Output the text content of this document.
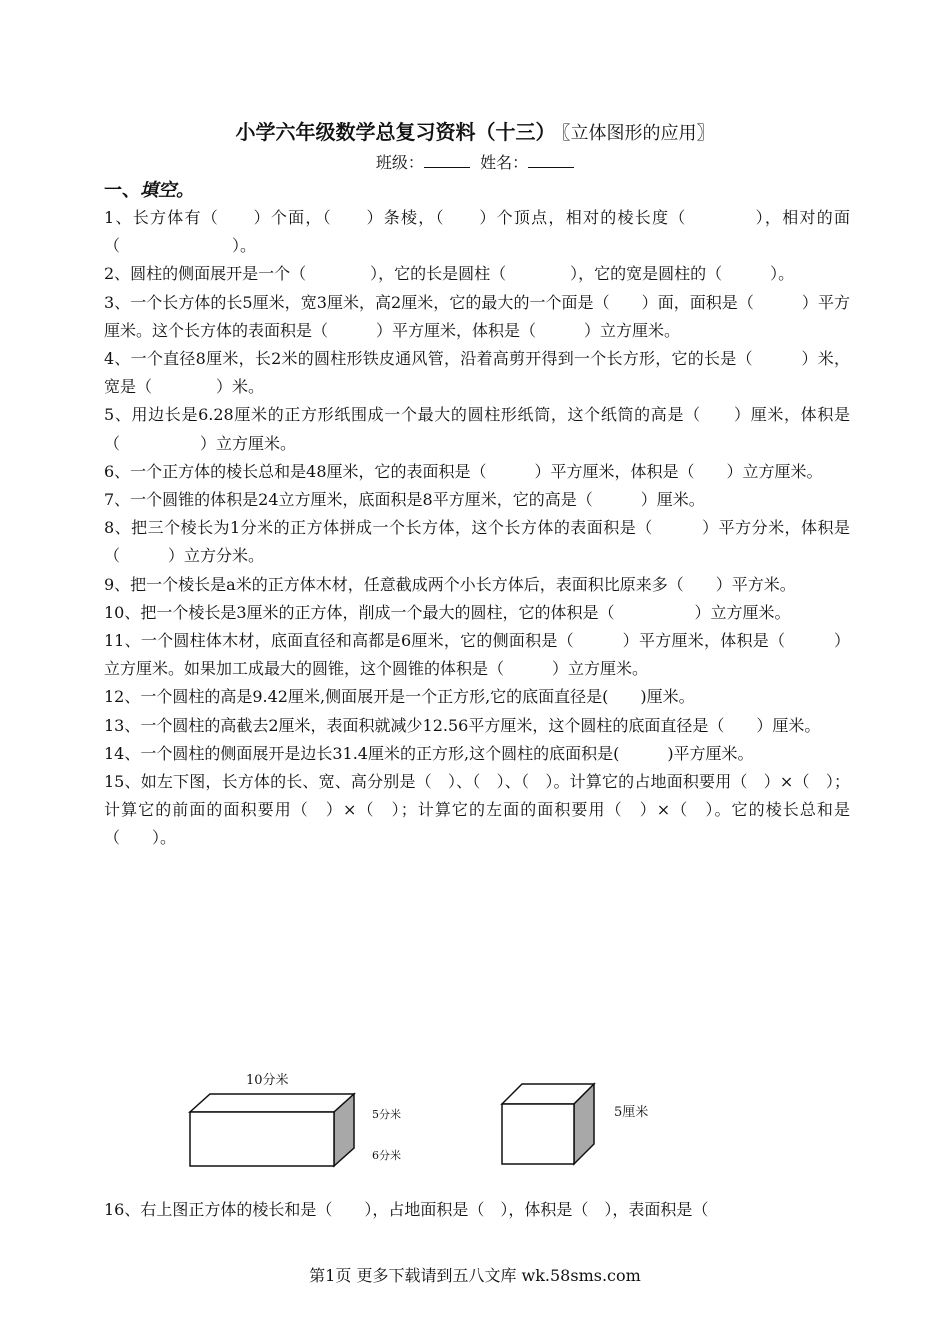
小学六年级数学总复习资料（十三） 〖立体图形的应用〗
班级：	姓名：
一、填空。
1、长方体有（　　）个面，（　　）条棱，（　　）个顶点，相对的棱长度（　　　　），相对的面（　　　　　　　）。
2、圆柱的侧面展开是一个（　　　　），它的长是圆柱（　　　　），它的宽是圆柱的（　　　）。
3、一个长方体的长5厘米，宽3厘米，高2厘米，它的最大的一个面是（　　）面，面积是（　　　）平方厘米。这个长方体的表面积是（　　　）平方厘米，体积是（　　　）立方厘米。
4、一个直径8厘米，长2米的圆柱形铁皮通风管，沿着高剪开得到一个长方形，它的长是（　　　）米，宽是（　　　　）米。
5、用边长是6.28厘米的正方形纸围成一个最大的圆柱形纸筒，这个纸筒的高是（　　）厘米，体积是（　　　　　）立方厘米。
6、一个正方体的棱长总和是48厘米，它的表面积是（　　　）平方厘米，体积是（　　）立方厘米。
7、一个圆锥的体积是24立方厘米，底面积是8平方厘米，它的高是（　　　）厘米。
8、把三个棱长为1分米的正方体拼成一个长方体，这个长方体的表面积是（　　　）平方分米，体积是（　　　）立方分米。
9、把一个棱长是a米的正方体木材，任意截成两个小长方体后，表面积比原来多（　　）平方米。
10、把一个棱长是3厘米的正方体，削成一个最大的圆柱，它的体积是（　　　　　）立方厘米。
11、一个圆柱体木材，底面直径和高都是6厘米，它的侧面积是（　　　）平方厘米，体积是（　　　）立方厘米。如果加工成最大的圆锥，这个圆锥的体积是（　　　）立方厘米。
12、一个圆柱的高是9.42厘米,侧面展开是一个正方形,它的底面直径是(　　)厘米。
13、一个圆柱的高截去2厘米，表面积就减少12.56平方厘米，这个圆柱的底面直径是（　　）厘米。
14、一个圆柱的侧面展开是边长31.4厘米的正方形,这个圆柱的底面积是(　　　)平方厘米。
15、如左下图，长方体的长、宽、高分别是（　）、（　）、（　）。计算它的占地面积要用（　）×（　）；计算它的前面的面积要用（　）×（　）；计算它的左面的面积要用（　）×（　）。它的棱长总和是（　　）。
10分米
5分米
6分米
5厘米
16、右上图正方体的棱长和是（　　），占地面积是（　），体积是（　），表面积是（
第1页 更多下载请到五八文库 wk.58sms.com
